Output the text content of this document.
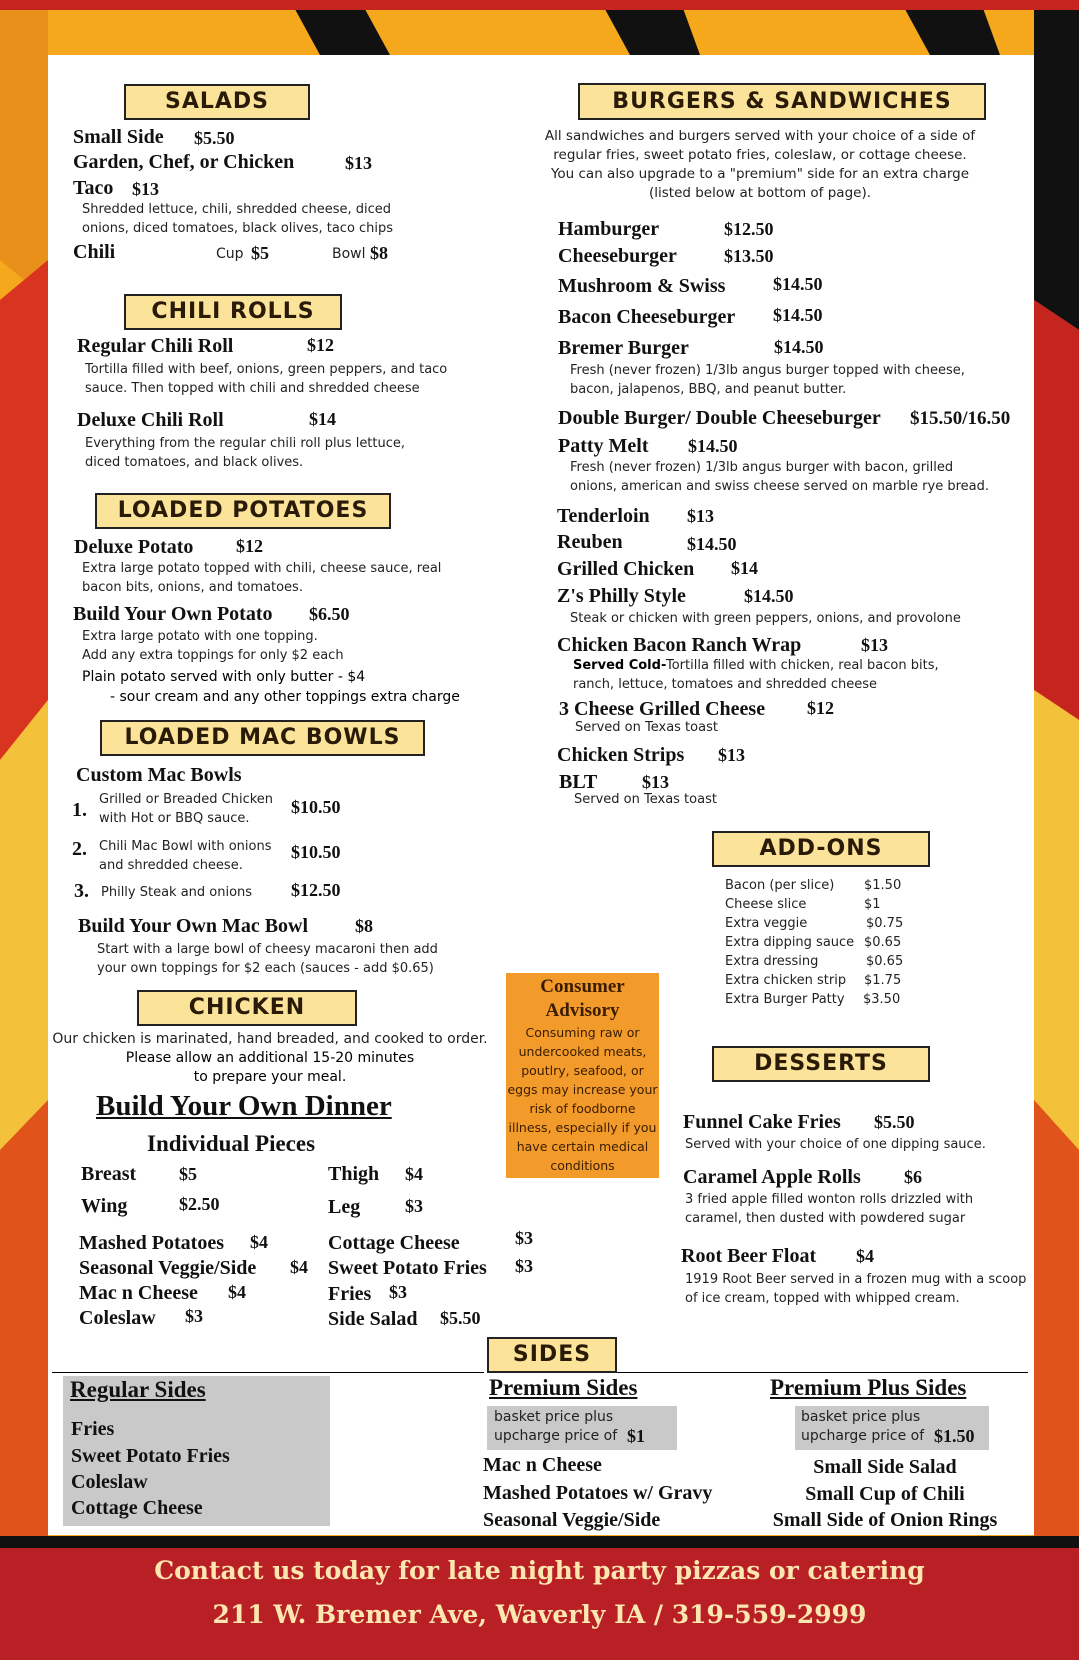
SALADS
Small Side $5.50
Garden, Chef, or Chicken	$13
Taco $13
Shredded lettuce, chili, shredded cheese, diced onions, diced tomatoes, black olives, taco chips
Chili	Cup $5	Bowl $8
CHILI ROLLS
Regular Chili Roll	$12
Tortilla filled with beef, onions, green peppers, and taco sauce. Then topped with chili and shredded cheese
Deluxe Chili Roll	$14
Everything from the regular chili roll plus lettuce, diced tomatoes, and black olives.
LOADED POTATOES
Deluxe Potato $12
Extra large potato topped with chili, cheese sauce, real bacon bits, onions, and tomatoes.
Build Your Own Potato $6.50
Extra large potato with one topping.
Add any extra toppings for only $2 each
Plain potato served with only butter - $4
- sour cream and any other toppings extra charge
LOADED MAC BOWLS
Custom Mac Bowls
1. Grilled or Breaded Chicken
with Hot or BBQ sauce.
$10.50
2. Chili Mac Bowl with onions
and shredded cheese.
$10.50
3. Philly Steak and onions $12.50
Build Your Own Mac Bowl	$8
Start with a large bowl of cheesy macaroni then add your own toppings for $2 each (sauces - add $0.65)
CHICKEN
Our chicken is marinated, hand breaded, and cooked to order.
Please allow an additional 15-20 minutes
to prepare your meal.
Build Your Own Dinner
Individual Pieces
Breast $5	Thigh $4
Wing	$2.50	Leg $3
Mashed Potatoes $4
Seasonal Veggie/Side $4
Mac n Cheese $4
Coleslaw $3
Cottage Cheese	$3
Sweet Potato Fries $3
Fries $3
Side Salad $5.50
Consumer
Advisory
Consuming raw or
undercooked meats,
poutlry, seafood, or
eggs may increase your
risk of foodborne
illness, especially if you
have certain medical
conditions
BURGERS & SANDWICHES
All sandwiches and burgers served with your choice of a side of
regular fries, sweet potato fries, coleslaw, or cottage cheese.
You can also upgrade to a "premium" side for an extra charge
(listed below at bottom of page).
Hamburger	$12.50
Cheeseburger	$13.50
Mushroom & Swiss	$14.50
Bacon Cheeseburger $14.50
Bremer Burger	$14.50
Fresh (never frozen) 1/3lb angus burger topped with cheese,
bacon, jalapenos, BBQ, and peanut butter.
Double Burger/ Double Cheeseburger $15.50/16.50
Patty Melt $14.50
Fresh (never frozen) 1/3lb angus burger with bacon, grilled
onions, american and swiss cheese served on marble rye bread.
Tenderloin $13
Reuben	$14.50
Grilled Chicken $14
Z's Philly Style	$14.50
Steak or chicken with green peppers, onions, and provolone
Chicken Bacon Ranch Wrap	$13
Served Cold- Tortilla filled with chicken, real bacon bits,
ranch, lettuce, tomatoes and shredded cheese
3 Cheese Grilled Cheese $12
Served on Texas toast
Chicken Strips $13
BLT $13
Served on Texas toast
ADD-ONS
Bacon (per slice) $1.50
Cheese slice	$1
Extra veggie	$0.75
Extra dipping sauce $0.65
Extra dressing	$0.65
Extra chicken strip $1.75
Extra Burger Patty $3.50
DESSERTS
Funnel Cake Fries $5.50
Served with your choice of one dipping sauce.
Caramel Apple Rolls $6
3 fried apple filled wonton rolls drizzled with
caramel, then dusted with powdered sugar
Root Beer Float $4
1919 Root Beer served in a frozen mug with a scoop
of ice cream, topped with whipped cream.
SIDES
Regular Sides
Fries
Sweet Potato Fries
Coleslaw
Cottage Cheese
Premium Sides
basket price plus
upcharge price of $1
Mac n Cheese
Mashed Potatoes w/ Gravy
Seasonal Veggie/Side
Premium Plus Sides
basket price plus
upcharge price of $1.50
Small Side Salad
Small Cup of Chili
Small Side of Onion Rings
Contact us today for late night party pizzas or catering
211 W. Bremer Ave, Waverly IA / 319-559-2999
